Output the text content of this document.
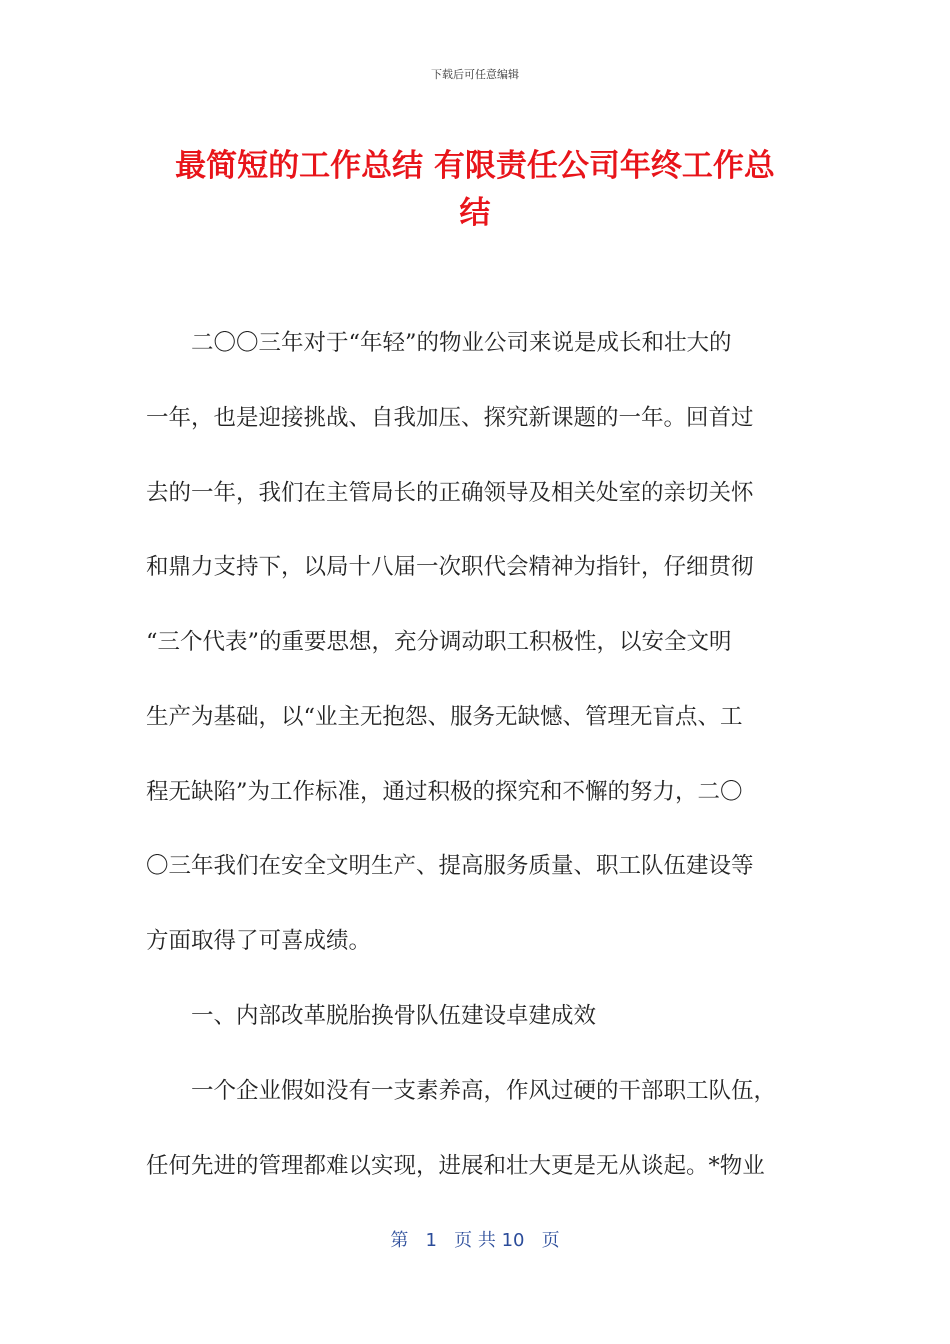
下载后可任意编辑
最简短的工作总结 有限责任公司年终工作总
结
　　二〇〇三年对于“年轻”的物业公司来说是成长和壮大的
一年，也是迎接挑战、自我加压、探究新课题的一年。回首过
去的一年，我们在主管局长的正确领导及相关处室的亲切关怀
和鼎力支持下，以局十八届一次职代会精神为指针，仔细贯彻
“三个代表”的重要思想，充分调动职工积极性，以安全文明
生产为基础，以“业主无抱怨、服务无缺憾、管理无盲点、工
程无缺陷”为工作标准，通过积极的探究和不懈的努力，二〇
〇三年我们在安全文明生产、提高服务质量、职工队伍建设等
方面取得了可喜成绩。
　　一、内部改革脱胎换骨队伍建设卓建成效
　　一个企业假如没有一支素养高，作风过硬的干部职工队伍，
任何先进的管理都难以实现，进展和壮大更是无从谈起。*物业
第 1 页 共 10 页
